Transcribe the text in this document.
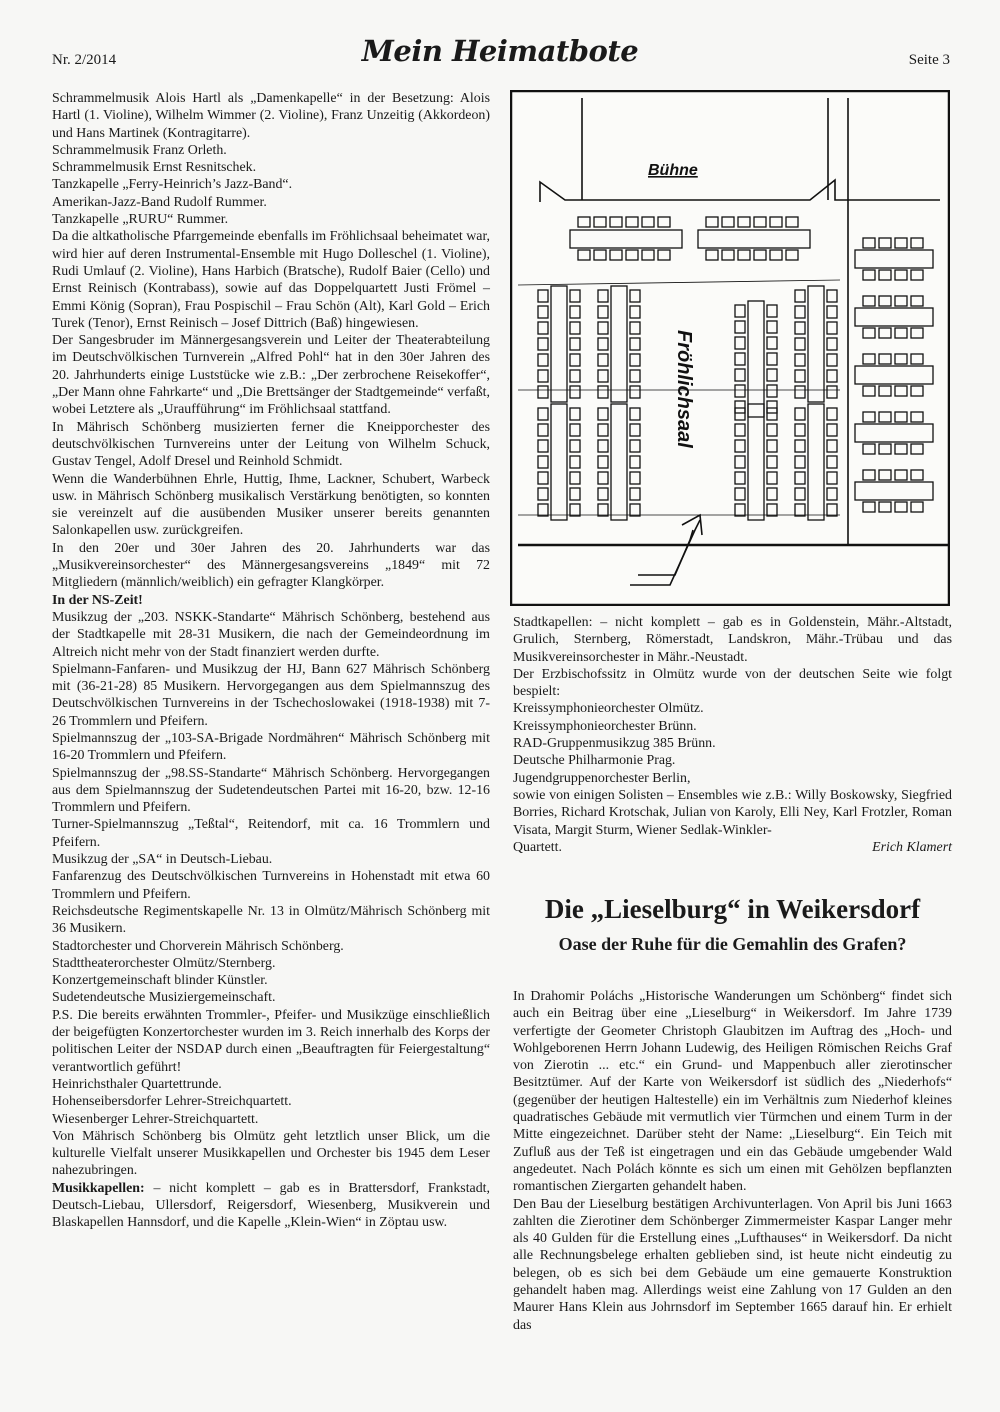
Nr. 2/2014	Mein Heimatbote	Seite 3

Schrammelmusik Alois Hartl als „Damenkapelle“ in der Besetzung: Alois Hartl (1. Violine), Wilhelm Wimmer (2. Violine), Franz Unzeitig (Akkordeon) und Hans Martinek (Kontragitarre).

Schrammelmusik Franz Orleth.

Schrammelmusik Ernst Resnitschek.

Tanzkapelle „Ferry-Heinrich’s Jazz-Band“.

Amerikan-Jazz-Band Rudolf Rummer.

Tanzkapelle „RURU“ Rummer.

Da die altkatholische Pfarrgemeinde ebenfalls im Fröhlichsaal beheimatet war, wird hier auf deren Instrumental-Ensemble mit Hugo Dolleschel (1. Violine), Rudi Umlauf (2. Violine), Hans Harbich (Bratsche), Rudolf Baier (Cello) und Ernst Reinisch (Kontrabass), sowie auf das Doppelquartett Justi Frömel – Emmi König (Sopran), Frau Pospischil – Frau Schön (Alt), Karl Gold – Erich Turek (Tenor), Ernst Reinisch – Josef Dittrich (Baß) hingewiesen.

Der Sangesbruder im Männergesangsverein und Leiter der Theaterabteilung im Deutschvölkischen Turnverein „Alfred Pohl“ hat in den 30er Jahren des 20. Jahrhunderts einige Luststücke wie z.B.: „Der zerbrochene Reisekoffer“, „Der Mann ohne Fahrkarte“ und „Die Brettsänger der Stadtgemeinde“ verfaßt, wobei Letztere als „Uraufführung“ im Fröhlichsaal stattfand.

In Mährisch Schönberg musizierten ferner die Kneipporchester des deutschvölkischen Turnvereins unter der Leitung von Wilhelm Schuck, Gustav Tengel, Adolf Dresel und Reinhold Schmidt.

Wenn die Wanderbühnen Ehrle, Huttig, Ihme, Lackner, Schubert, Warbeck usw. in Mährisch Schönberg musikalisch Verstärkung benötigten, so konnten sie vereinzelt auf die ausübenden Musiker unserer bereits genannten Salonkapellen usw. zurückgreifen.

In den 20er und 30er Jahren des 20. Jahrhunderts war das „Musikvereinsorchester“ des Männergesangsvereins „1849“ mit 72 Mitgliedern (männlich/weiblich) ein gefragter Klangkörper.

In der NS-Zeit!

Musikzug der „203. NSKK-Standarte“ Mährisch Schönberg, bestehend aus der Stadtkapelle mit 28-31 Musikern, die nach der Gemeindeordnung im Altreich nicht mehr von der Stadt finanziert werden durfte.

Spielmann-Fanfaren- und Musikzug der HJ, Bann 627 Mährisch Schönberg mit (36-21-28) 85 Musikern. Hervorgegangen aus dem Spielmannszug des Deutschvölkischen Turnvereins in der Tschechoslowakei (1918-1938) mit 7-26 Trommlern und Pfeifern.

Spielmannszug der „103-SA-Brigade Nordmähren“ Mährisch Schönberg mit 16-20 Trommlern und Pfeifern.

Spielmannszug der „98.SS-Standarte“ Mährisch Schönberg. Hervorgegangen aus dem Spielmannszug der Sudetendeutschen Partei mit 16-20, bzw. 12-16 Trommlern und Pfeifern.

Turner-Spielmannszug „Teßtal“, Reitendorf, mit ca. 16 Trommlern und Pfeifern.

Musikzug der „SA“ in Deutsch-Liebau.

Fanfarenzug des Deutschvölkischen Turnvereins in Hohenstadt mit etwa 60 Trommlern und Pfeifern.

Reichsdeutsche Regimentskapelle Nr. 13 in Olmütz/Mährisch Schönberg mit 36 Musikern.

Stadtorchester und Chorverein Mährisch Schönberg.

Stadttheaterorchester Olmütz/Sternberg.

Konzertgemeinschaft blinder Künstler.

Sudetendeutsche Musiziergemeinschaft.

P.S. Die bereits erwähnten Trommler-, Pfeifer- und Musikzüge einschließlich der beigefügten Konzertorchester wurden im 3. Reich innerhalb des Korps der politischen Leiter der NSDAP durch einen „Beauftragten für Feiergestaltung“ verantwortlich geführt!

Heinrichsthaler Quartettrunde.

Hohenseibersdorfer Lehrer-Streichquartett.

Wiesenberger Lehrer-Streichquartett.

Von Mährisch Schönberg bis Olmütz geht letztlich unser Blick, um die kulturelle Vielfalt unserer Musikkapellen und Orchester bis 1945 dem Leser nahezubringen.

Musikkapellen: – nicht komplett – gab es in Brattersdorf, Frankstadt, Deutsch-Liebau, Ullersdorf, Reigersdorf, Wiesenberg, Musikverein und Blaskapellen Hannsdorf, und die Kapelle „Klein-Wien“ in Zöptau usw.

Bühne
Fröhlichsaal

Stadtkapellen: – nicht komplett – gab es in Goldenstein, Mähr.-Altstadt, Grulich, Sternberg, Römerstadt, Landskron, Mähr.-Trübau und das Musikvereinsorchester in Mähr.-Neustadt.

Der Erzbischofssitz in Olmütz wurde von der deutschen Seite wie folgt bespielt:

Kreissymphonieorchester Olmütz.

Kreissymphonieorchester Brünn.

RAD-Gruppenmusikzug 385 Brünn.

Deutsche Philharmonie Prag.

Jugendgruppenorchester Berlin,

sowie von einigen Solisten – Ensembles wie z.B.: Willy Boskowsky, Siegfried Borries, Richard Krotschak, Julian von Karoly, Elli Ney, Karl Frotzler, Roman Visata, Margit Sturm, Wiener Sedlak-Winkler-

Quartett.	Erich Klamert
Die „Lieselburg“ in Weikersdorf
Oase der Ruhe für die Gemahlin des Grafen?

In Drahomir Poláchs „Historische Wanderungen um Schönberg“ findet sich auch ein Beitrag über eine „Lieselburg“ in Weikersdorf. Im Jahre 1739 verfertigte der Geometer Christoph Glaubitzen im Auftrag des „Hoch- und Wohlgeborenen Herrn Johann Ludewig, des Heiligen Römischen Reichs Graf von Zierotin ... etc.“ ein Grund- und Mappenbuch aller zierotinscher Besitztümer. Auf der Karte von Weikersdorf ist südlich des „Niederhofs“ (gegenüber der heutigen Haltestelle) ein im Verhältnis zum Niederhof kleines quadratisches Gebäude mit vermutlich vier Türmchen und einem Turm in der Mitte eingezeichnet. Darüber steht der Name: „Lieselburg“. Ein Teich mit Zufluß aus der Teß ist eingetragen und ein das Gebäude umgebender Wald angedeutet. Nach Polách könnte es sich um einen mit Gehölzen bepflanzten romantischen Ziergarten gehandelt haben.

Den Bau der Lieselburg bestätigen Archivunterlagen. Von April bis Juni 1663 zahlten die Zierotiner dem Schönberger Zimmermeister Kaspar Langer mehr als 40 Gulden für die Erstellung eines „Lufthauses“ in Weikersdorf. Da nicht alle Rechnungsbelege erhalten geblieben sind, ist heute nicht eindeutig zu belegen, ob es sich bei dem Gebäude um eine gemauerte Konstruktion gehandelt haben mag. Allerdings weist eine Zahlung von 17 Gulden an den Maurer Hans Klein aus Johrnsdorf im September 1665 darauf hin. Er erhielt das
